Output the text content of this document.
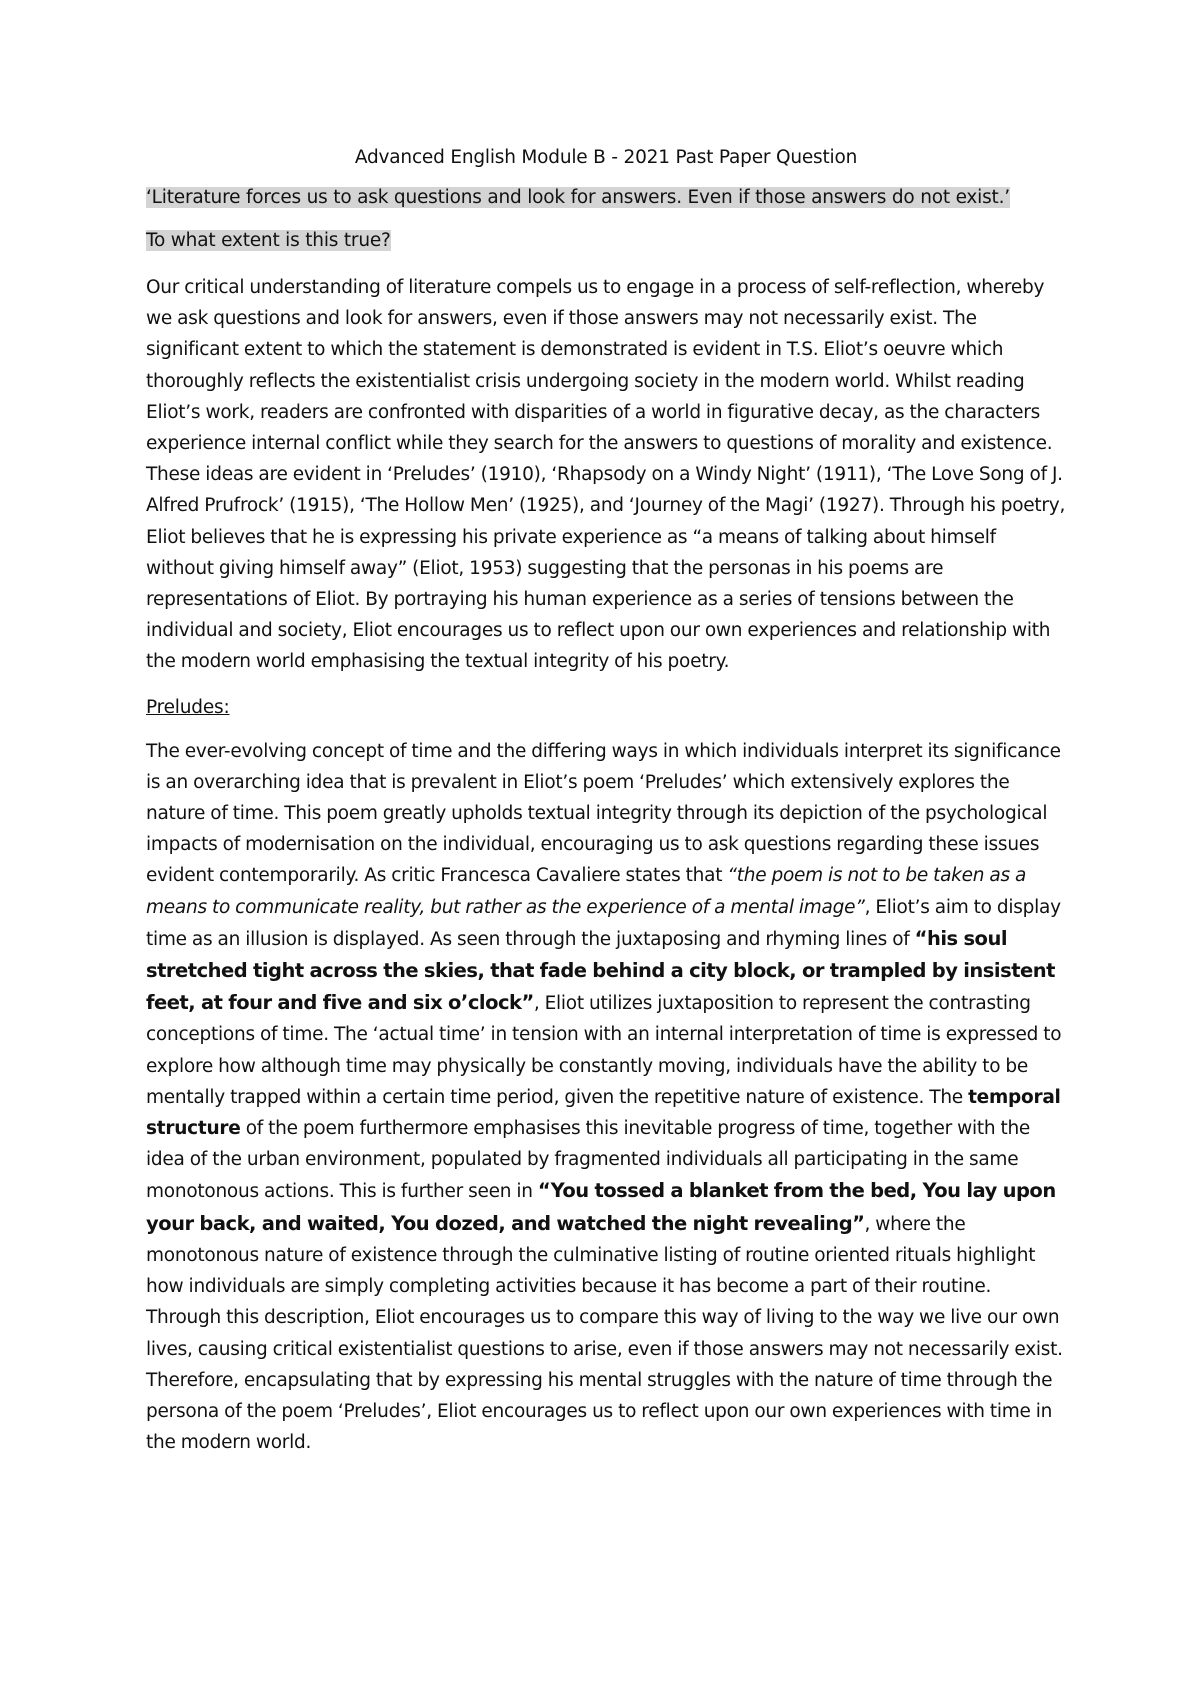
Advanced English Module B - 2021 Past Paper Question
‘Literature forces us to ask questions and look for answers. Even if those answers do not exist.’
To what extent is this true?

Our critical understanding of literature compels us to engage in a process of self-reflection, whereby we ask questions and look for answers, even if those answers may not necessarily exist. The significant extent to which the statement is demonstrated is evident in T.S. Eliot’s oeuvre which thoroughly reflects the existentialist crisis undergoing society in the modern world. Whilst reading Eliot’s work, readers are confronted with disparities of a world in figurative decay, as the characters experience internal conflict while they search for the answers to questions of morality and existence. These ideas are evident in ‘Preludes’ (1910), ‘Rhapsody on a Windy Night’ (1911), ‘The Love Song of J. Alfred Prufrock’ (1915), ‘The Hollow Men’ (1925), and ‘Journey of the Magi’ (1927). Through his poetry, Eliot believes that he is expressing his private experience as “a means of talking about himself without giving himself away” (Eliot, 1953) suggesting that the personas in his poems are representations of Eliot. By portraying his human experience as a series of tensions between the individual and society, Eliot encourages us to reflect upon our own experiences and relationship with the modern world emphasising the textual integrity of his poetry.

Preludes:

The ever-evolving concept of time and the differing ways in which individuals interpret its significance is an overarching idea that is prevalent in Eliot’s poem ‘Preludes’ which extensively explores the nature of time. This poem greatly upholds textual integrity through its depiction of the psychological impacts of modernisation on the individual, encouraging us to ask questions regarding these issues evident contemporarily. As critic Francesca Cavaliere states that “the poem is not to be taken as a means to communicate reality, but rather as the experience of a mental image”, Eliot’s aim to display time as an illusion is displayed. As seen through the juxtaposing and rhyming lines of “his soul stretched tight across the skies, that fade behind a city block, or trampled by insistent feet, at four and five and six o’clock”, Eliot utilizes juxtaposition to represent the contrasting conceptions of time. The ‘actual time’ in tension with an internal interpretation of time is expressed to explore how although time may physically be constantly moving, individuals have the ability to be mentally trapped within a certain time period, given the repetitive nature of existence. The temporal structure of the poem furthermore emphasises this inevitable progress of time, together with the idea of the urban environment, populated by fragmented individuals all participating in the same monotonous actions. This is further seen in “You tossed a blanket from the bed, You lay upon your back, and waited, You dozed, and watched the night revealing”, where the monotonous nature of existence through the culminative listing of routine oriented rituals highlight how individuals are simply completing activities because it has become a part of their routine. Through this description, Eliot encourages us to compare this way of living to the way we live our own lives, causing critical existentialist questions to arise, even if those answers may not necessarily exist. Therefore, encapsulating that by expressing his mental struggles with the nature of time through the persona of the poem ‘Preludes’, Eliot encourages us to reflect upon our own experiences with time in the modern world.
